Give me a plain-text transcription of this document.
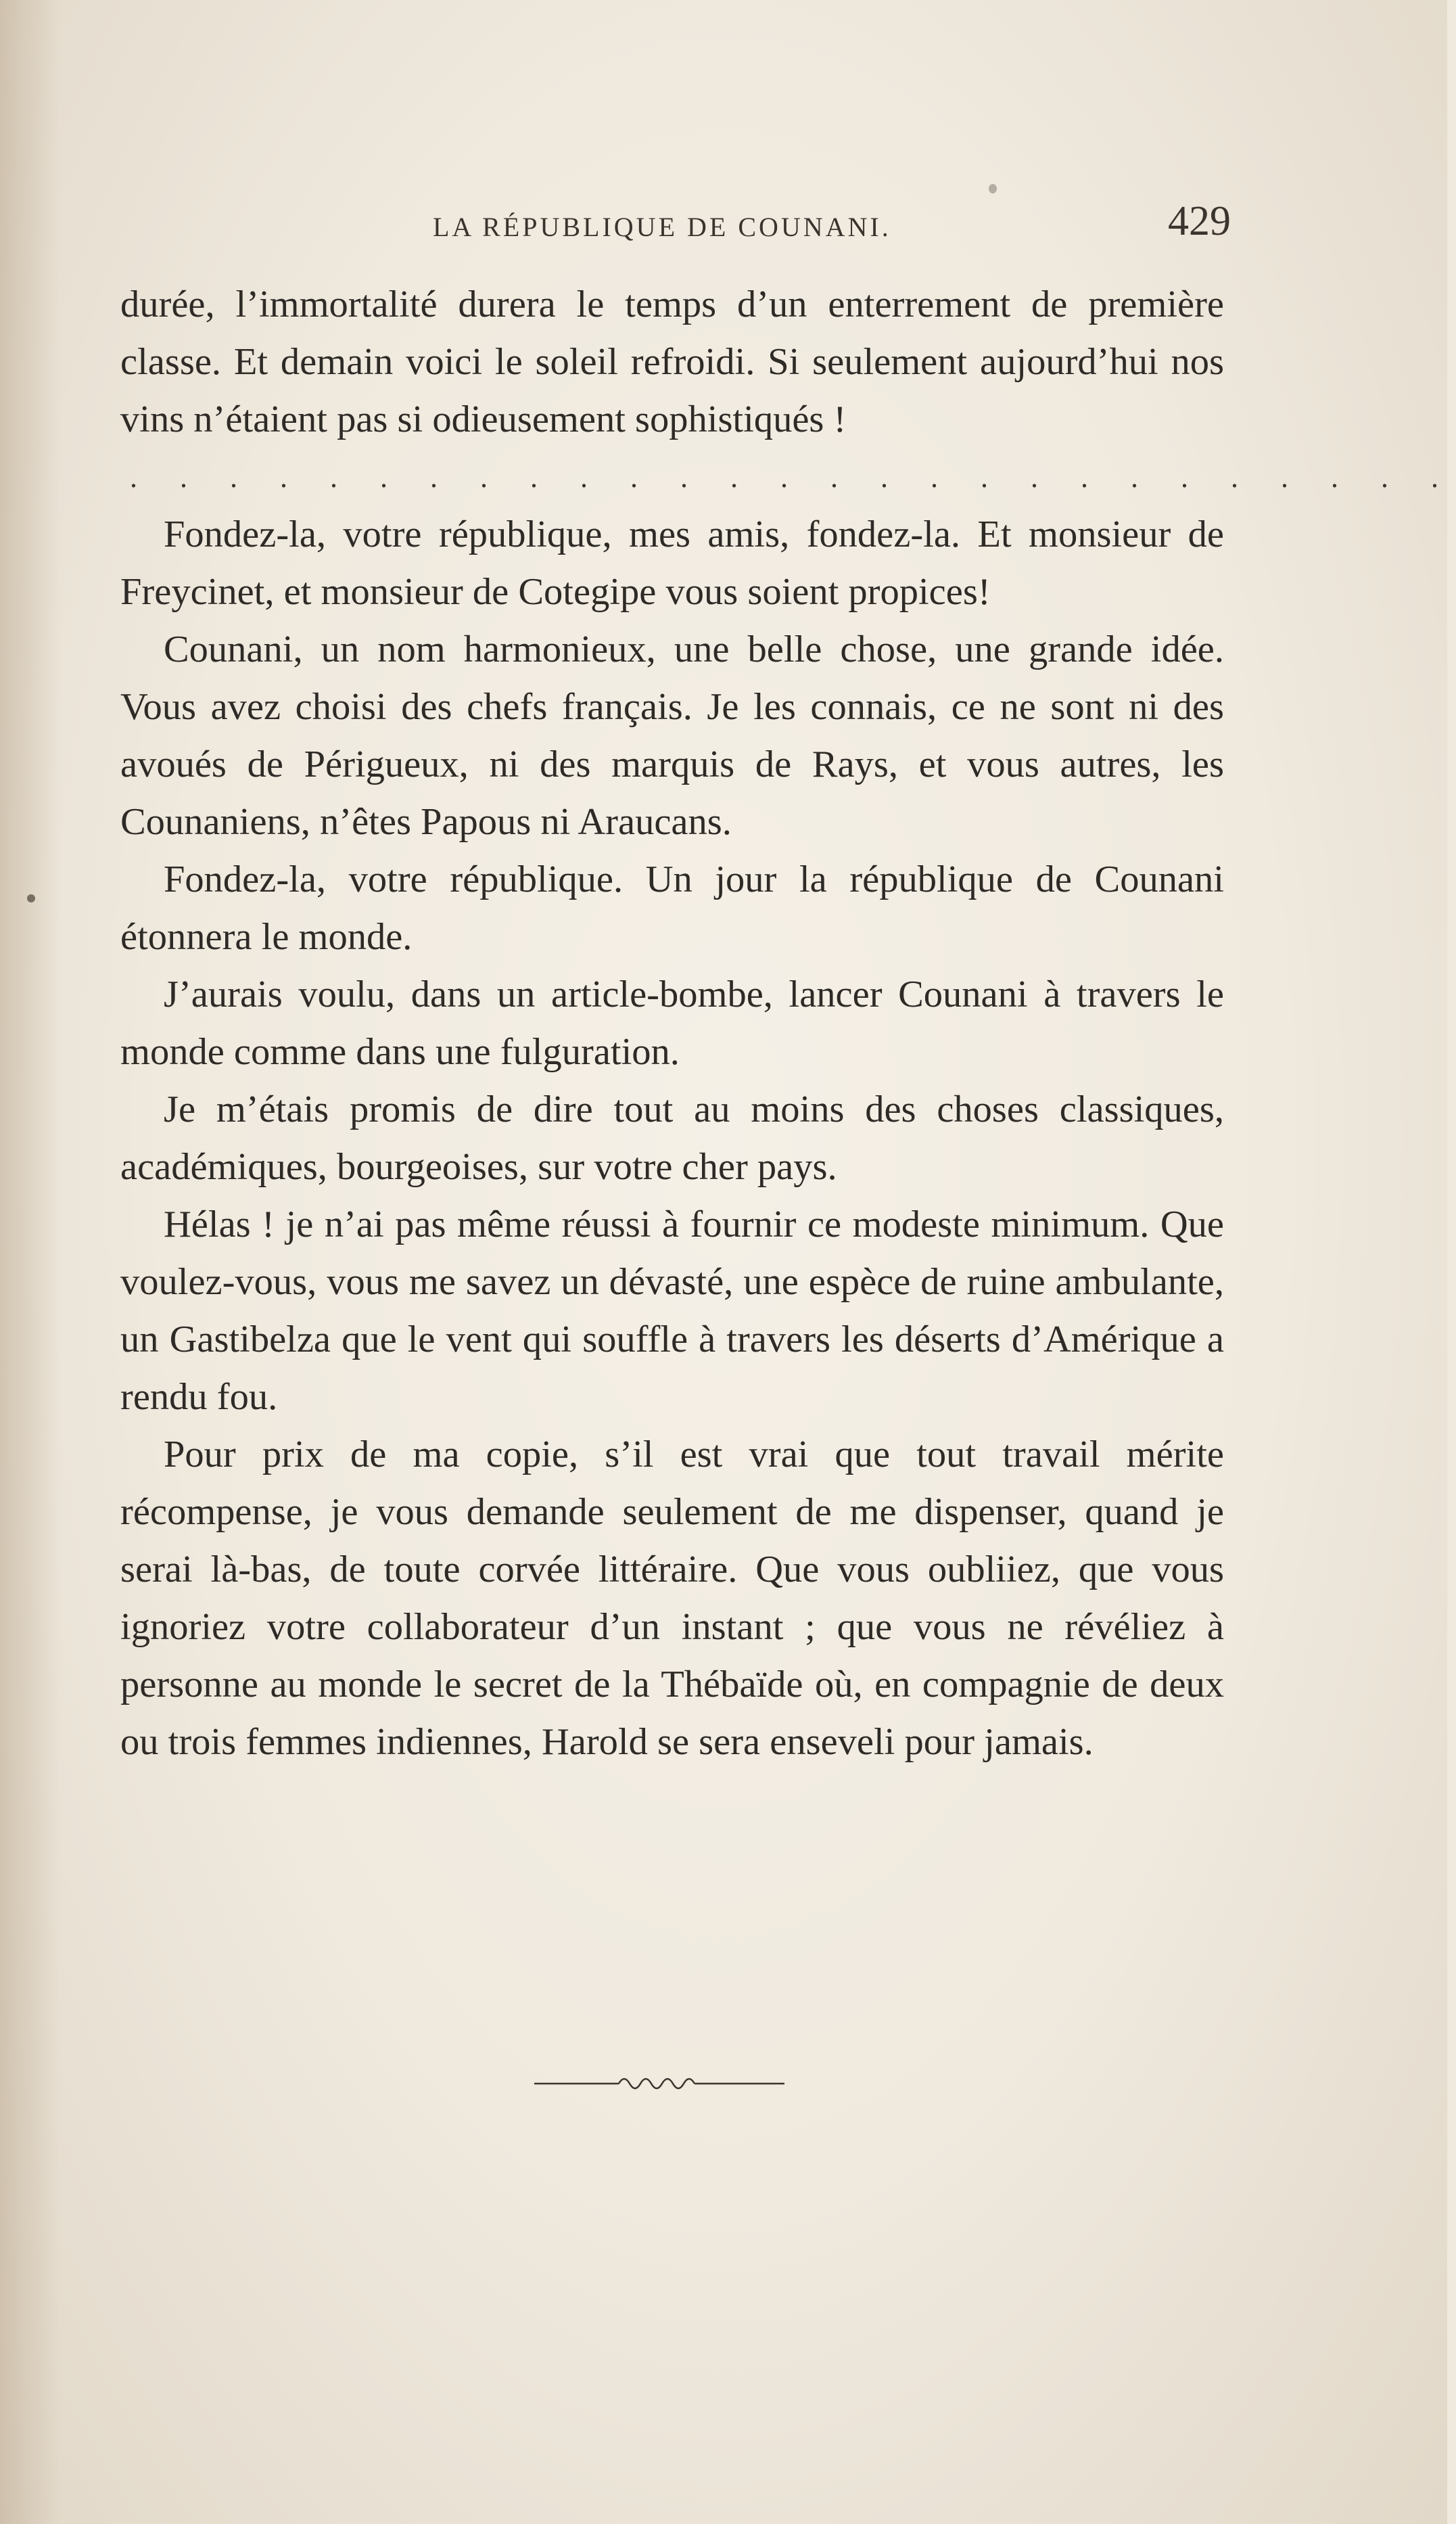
LA RÉPUBLIQUE DE COUNANI.	429

durée, l’immortalité durera le temps d’un enterrement de première classe. Et demain voici le soleil refroidi. Si seulement aujourd’hui nos vins n’étaient pas si odieusement sophistiqués !

. . . . . . . . . . . . . . . . . . . . . . . . . . .

Fondez-la, votre république, mes amis, fondez-la. Et monsieur de Freycinet, et monsieur de Cotegipe vous soient propices!

Counani, un nom harmonieux, une belle chose, une grande idée. Vous avez choisi des chefs français. Je les connais, ce ne sont ni des avoués de Périgueux, ni des marquis de Rays, et vous autres, les Counaniens, n’êtes Papous ni Araucans.

Fondez-la, votre république. Un jour la république de Counani étonnera le monde.

J’aurais voulu, dans un article-bombe, lancer Counani à travers le monde comme dans une fulguration.

Je m’étais promis de dire tout au moins des choses classiques, académiques, bourgeoises, sur votre cher pays.

Hélas ! je n’ai pas même réussi à fournir ce modeste minimum. Que voulez-vous, vous me savez un dévasté, une espèce de ruine ambulante, un Gastibelza que le vent qui souffle à travers les déserts d’Amérique a rendu fou.

Pour prix de ma copie, s’il est vrai que tout travail mérite récompense, je vous demande seulement de me dispenser, quand je serai là-bas, de toute corvée littéraire. Que vous oubliiez, que vous ignoriez votre collaborateur d’un instant ; que vous ne révéliez à personne au monde le secret de la Thébaïde où, en compagnie de deux ou trois femmes indiennes, Harold se sera enseveli pour jamais.
